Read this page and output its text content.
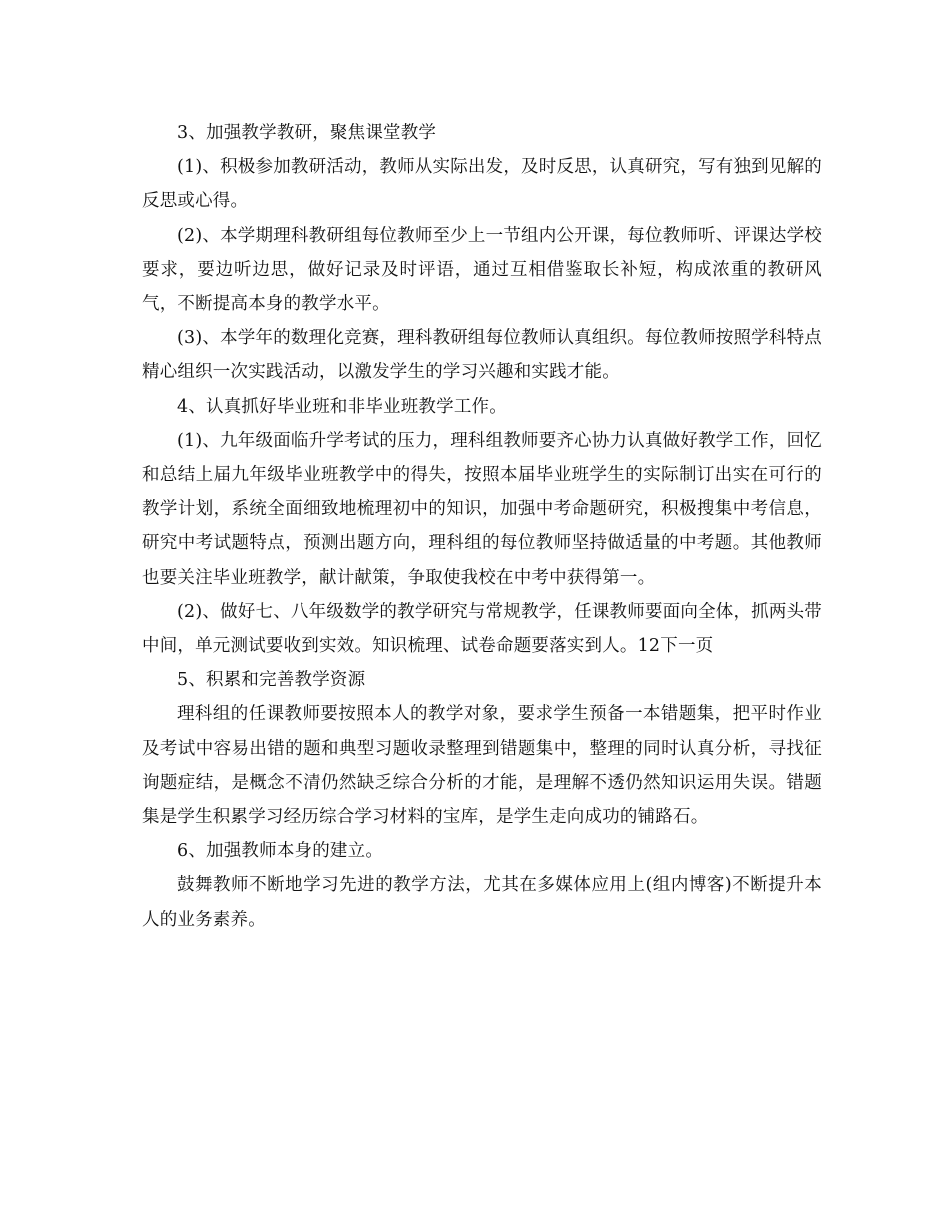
3、加强教学教研，聚焦课堂教学

(1)、积极参加教研活动，教师从实际出发，及时反思，认真研究，写有独到见解的反思或心得。

(2)、本学期理科教研组每位教师至少上一节组内公开课，每位教师听、评课达学校要求，要边听边思，做好记录及时评语，通过互相借鉴取长补短，构成浓重的教研风气，不断提高本身的教学水平。

(3)、本学年的数理化竞赛，理科教研组每位教师认真组织。每位教师按照学科特点精心组织一次实践活动，以激发学生的学习兴趣和实践才能。

4、认真抓好毕业班和非毕业班教学工作。

(1)、九年级面临升学考试的压力，理科组教师要齐心协力认真做好教学工作，回忆和总结上届九年级毕业班教学中的得失，按照本届毕业班学生的实际制订出实在可行的教学计划，系统全面细致地梳理初中的知识，加强中考命题研究，积极搜集中考信息，研究中考试题特点，预测出题方向，理科组的每位教师坚持做适量的中考题。其他教师也要关注毕业班教学，献计献策，争取使我校在中考中获得第一。

(2)、做好七、八年级数学的教学研究与常规教学，任课教师要面向全体，抓两头带中间，单元测试要收到实效。知识梳理、试卷命题要落实到人。12下一页

5、积累和完善教学资源

理科组的任课教师要按照本人的教学对象，要求学生预备一本错题集，把平时作业及考试中容易出错的题和典型习题收录整理到错题集中，整理的同时认真分析，寻找征询题症结，是概念不清仍然缺乏综合分析的才能，是理解不透仍然知识运用失误。错题集是学生积累学习经历综合学习材料的宝库，是学生走向成功的铺路石。

6、加强教师本身的建立。

鼓舞教师不断地学习先进的教学方法，尤其在多媒体应用上(组内博客)不断提升本人的业务素养。
